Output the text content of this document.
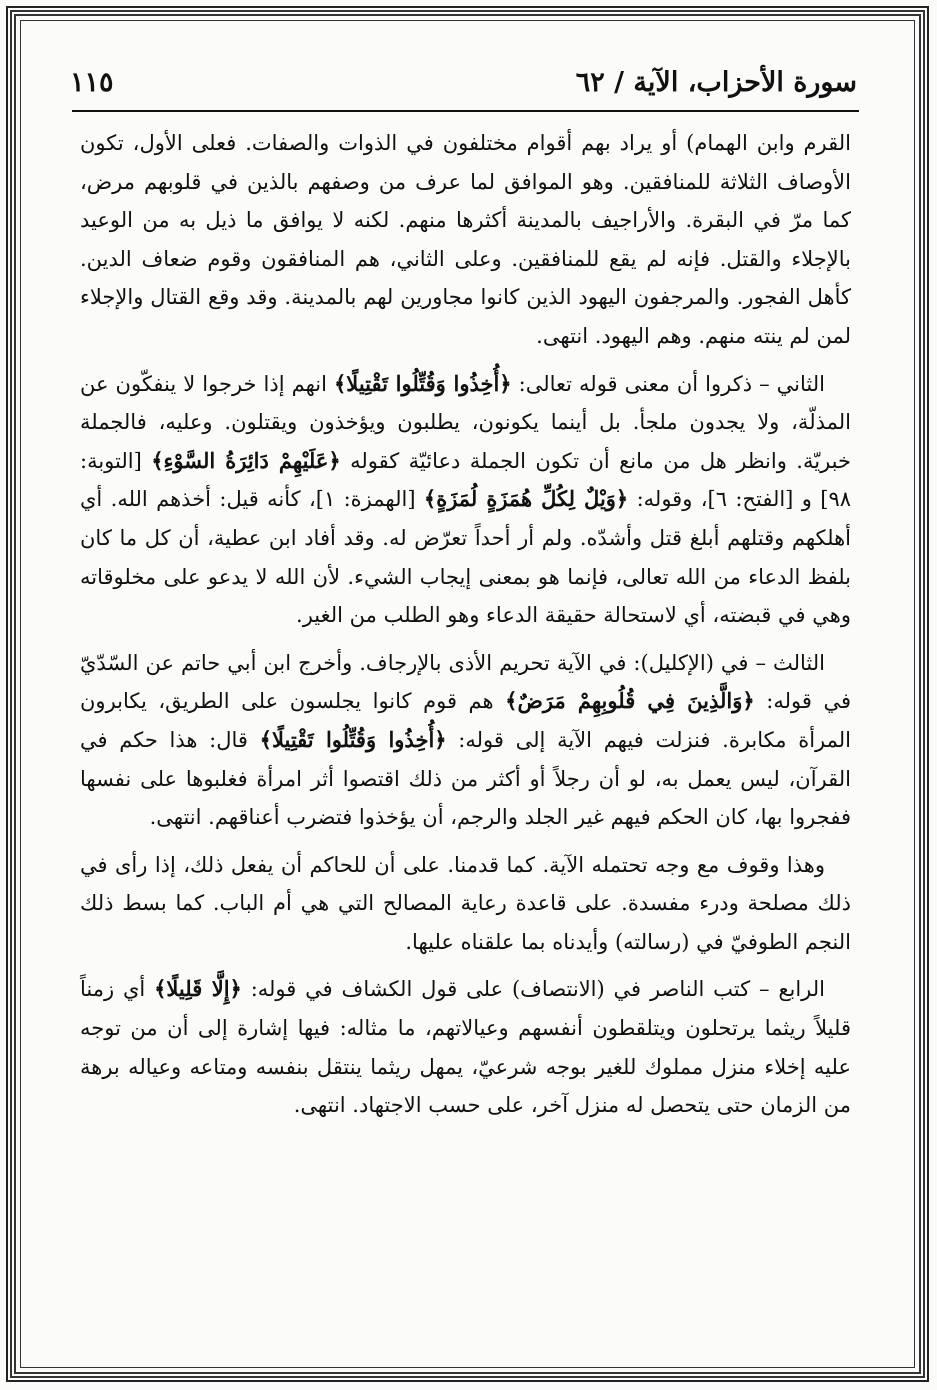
سورة الأحزاب، الآية / ٦٢
١١٥

القرم وابن الهمام) أو يراد بهم أقوام مختلفون في الذوات والصفات. فعلى الأول، تكون الأوصاف الثلاثة للمنافقين. وهو الموافق لما عرف من وصفهم بالذين في قلوبهم مرض، كما مرّ في البقرة. والأراجيف بالمدينة أكثرها منهم. لكنه لا يوافق ما ذيل به من الوعيد بالإجلاء والقتل. فإنه لم يقع للمنافقين. وعلى الثاني، هم المنافقون وقوم ضعاف الدين. كأهل الفجور. والمرجفون اليهود الذين كانوا مجاورين لهم بالمدينة. وقد وقع القتال والإجلاء لمن لم ينته منهم. وهم اليهود. انتهى.

الثاني – ذكروا أن معنى قوله تعالى: ﴿أُخِذُوا وَقُتِّلُوا تَقْتِيلًا﴾ انهم إذا خرجوا لا ينفكّون عن المذلّة، ولا يجدون ملجأ. بل أينما يكونون، يطلبون ويؤخذون ويقتلون. وعليه، فالجملة خبريّة. وانظر هل من مانع أن تكون الجملة دعائيّة كقوله ﴿عَلَيْهِمْ دَائِرَةُ السَّوْءِ﴾ [التوبة: ٩٨] و [الفتح: ٦]، وقوله: ﴿وَيْلٌ لِكُلِّ هُمَزَةٍ لُمَزَةٍ﴾ [الهمزة: ١]، كأنه قيل: أخذهم الله. أي أهلكهم وقتلهم أبلغ قتل وأشدّه. ولم أر أحداً تعرّض له. وقد أفاد ابن عطية، أن كل ما كان بلفظ الدعاء من الله تعالى، فإنما هو بمعنى إيجاب الشيء. لأن الله لا يدعو على مخلوقاته وهي في قبضته، أي لاستحالة حقيقة الدعاء وهو الطلب من الغير.

الثالث – في (الإكليل): في الآية تحريم الأذى بالإرجاف. وأخرج ابن أبي حاتم عن السّدّيّ في قوله: ﴿وَالَّذِينَ فِي قُلُوبِهِمْ مَرَضٌ﴾ هم قوم كانوا يجلسون على الطريق، يكابرون المرأة مكابرة. فنزلت فيهم الآية إلى قوله: ﴿أُخِذُوا وَقُتِّلُوا تَقْتِيلًا﴾ قال: هذا حكم في القرآن، ليس يعمل به، لو أن رجلاً أو أكثر من ذلك اقتصوا أثر امرأة فغلبوها على نفسها ففجروا بها، كان الحكم فيهم غير الجلد والرجم، أن يؤخذوا فتضرب أعناقهم. انتهى.

وهذا وقوف مع وجه تحتمله الآية. كما قدمنا. على أن للحاكم أن يفعل ذلك، إذا رأى في ذلك مصلحة ودرء مفسدة. على قاعدة رعاية المصالح التي هي أم الباب. كما بسط ذلك النجم الطوفيّ في (رسالته) وأيدناه بما علقناه عليها.

الرابع – كتب الناصر في (الانتصاف) على قول الكشاف في قوله: ﴿إِلَّا قَلِيلًا﴾ أي زمناً قليلاً ريثما يرتحلون ويتلقطون أنفسهم وعيالاتهم، ما مثاله: فيها إشارة إلى أن من توجه عليه إخلاء منزل مملوك للغير بوجه شرعيّ، يمهل ريثما ينتقل بنفسه ومتاعه وعياله برهة من الزمان حتى يتحصل له منزل آخر، على حسب الاجتهاد. انتهى.
